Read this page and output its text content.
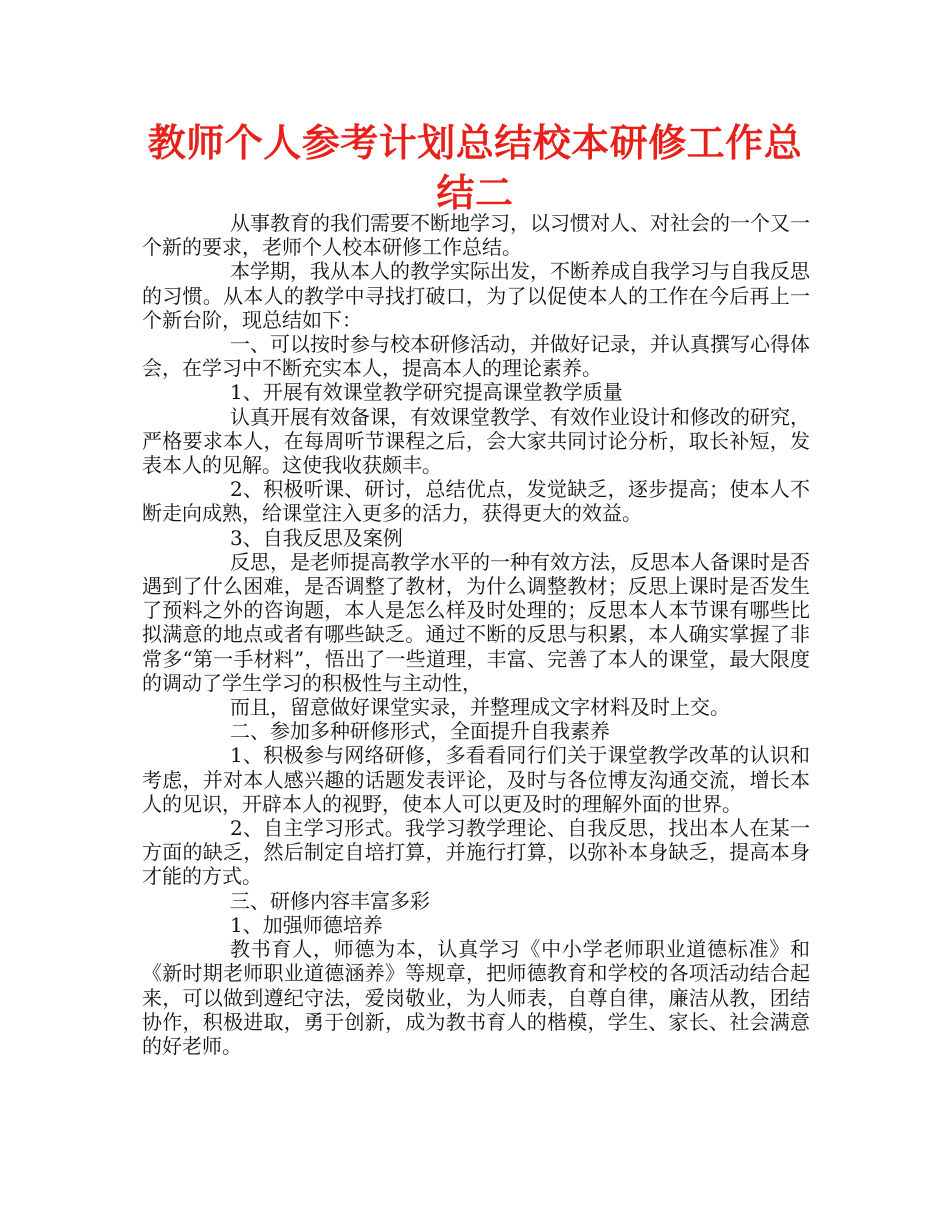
教师个人参考计划总结校本研修工作总结二

从事教育的我们需要不断地学习，以习惯对人、对社会的一个又一个新的要求，老师个人校本研修工作总结。

本学期，我从本人的教学实际出发，不断养成自我学习与自我反思的习惯。从本人的教学中寻找打破口，为了以促使本人的工作在今后再上一个新台阶，现总结如下：

一、可以按时参与校本研修活动，并做好记录，并认真撰写心得体会，在学习中不断充实本人，提高本人的理论素养。

1、开展有效课堂教学研究提高课堂教学质量

认真开展有效备课，有效课堂教学、有效作业设计和修改的研究，严格要求本人，在每周听节课程之后，会大家共同讨论分析，取长补短，发表本人的见解。这使我收获颇丰。

2、积极听课、研讨，总结优点，发觉缺乏，逐步提高；使本人不断走向成熟，给课堂注入更多的活力，获得更大的效益。

3、自我反思及案例

反思，是老师提高教学水平的一种有效方法，反思本人备课时是否遇到了什么困难，是否调整了教材，为什么调整教材；反思上课时是否发生了预料之外的咨询题，本人是怎么样及时处理的；反思本人本节课有哪些比拟满意的地点或者有哪些缺乏。通过不断的反思与积累，本人确实掌握了非常多“第一手材料”，悟出了一些道理，丰富、完善了本人的课堂，最大限度的调动了学生学习的积极性与主动性，

而且，留意做好课堂实录，并整理成文字材料及时上交。

二、参加多种研修形式，全面提升自我素养

1、积极参与网络研修，多看看同行们关于课堂教学改革的认识和考虑，并对本人感兴趣的话题发表评论，及时与各位博友沟通交流，增长本人的见识，开辟本人的视野，使本人可以更及时的理解外面的世界。

2、自主学习形式。我学习教学理论、自我反思，找出本人在某一方面的缺乏，然后制定自培打算，并施行打算，以弥补本身缺乏，提高本身才能的方式。

三、研修内容丰富多彩

1、加强师德培养

教书育人，师德为本，认真学习《中小学老师职业道德标准》和《新时期老师职业道德涵养》等规章，把师德教育和学校的各项活动结合起来，可以做到遵纪守法，爱岗敬业，为人师表，自尊自律，廉洁从教，团结协作，积极进取，勇于创新，成为教书育人的楷模，学生、家长、社会满意的好老师。
